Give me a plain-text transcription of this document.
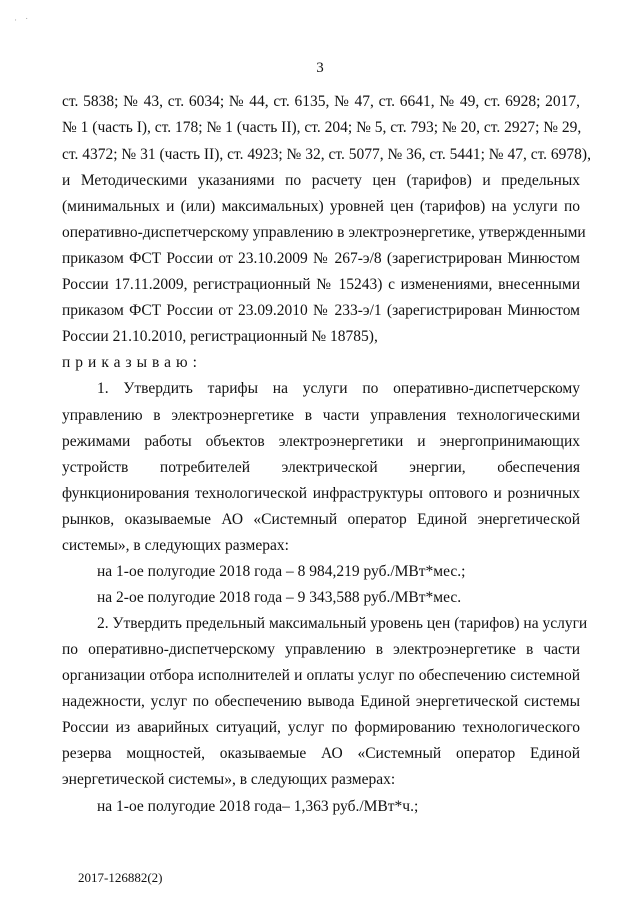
· ·
3
ст. 5838; № 43, ст. 6034; № 44, ст. 6135, № 47, ст. 6641, № 49, ст. 6928; 2017,
№ 1 (часть I), ст. 178; № 1 (часть II), ст. 204; № 5, ст. 793; № 20, ст. 2927; № 29,
ст. 4372; № 31 (часть II), ст. 4923; № 32, ст. 5077, № 36, ст. 5441; № 47, ст. 6978),
и Методическими указаниями по расчету цен (тарифов) и предельных
(минимальных и (или) максимальных) уровней цен (тарифов) на услуги по
оперативно-диспетчерскому управлению в электроэнергетике, утвержденными
приказом ФСТ России от 23.10.2009 № 267-э/8 (зарегистрирован Минюстом
России 17.11.2009, регистрационный № 15243) с изменениями, внесенными
приказом ФСТ России от 23.09.2010 № 233-э/1 (зарегистрирован Минюстом
России 21.10.2010, регистрационный № 18785),
приказываю:
1. Утвердить тарифы на услуги по оперативно-диспетчерскому
управлению в электроэнергетике в части управления технологическими
режимами работы объектов электроэнергетики и энергопринимающих
устройств потребителей электрической энергии, обеспечения
функционирования технологической инфраструктуры оптового и розничных
рынков, оказываемые АО «Системный оператор Единой энергетической
системы», в следующих размерах:
на 1-ое полугодие 2018 года – 8 984,219 руб./МВт*мес.;
на 2-ое полугодие 2018 года – 9 343,588 руб./МВт*мес.
2. Утвердить предельный максимальный уровень цен (тарифов) на услуги
по оперативно-диспетчерскому управлению в электроэнергетике в части
организации отбора исполнителей и оплаты услуг по обеспечению системной
надежности, услуг по обеспечению вывода Единой энергетической системы
России из аварийных ситуаций, услуг по формированию технологического
резерва мощностей, оказываемые АО «Системный оператор Единой
энергетической системы», в следующих размерах:
на 1-ое полугодие 2018 года– 1,363 руб./МВт*ч.;
2017-126882(2)
